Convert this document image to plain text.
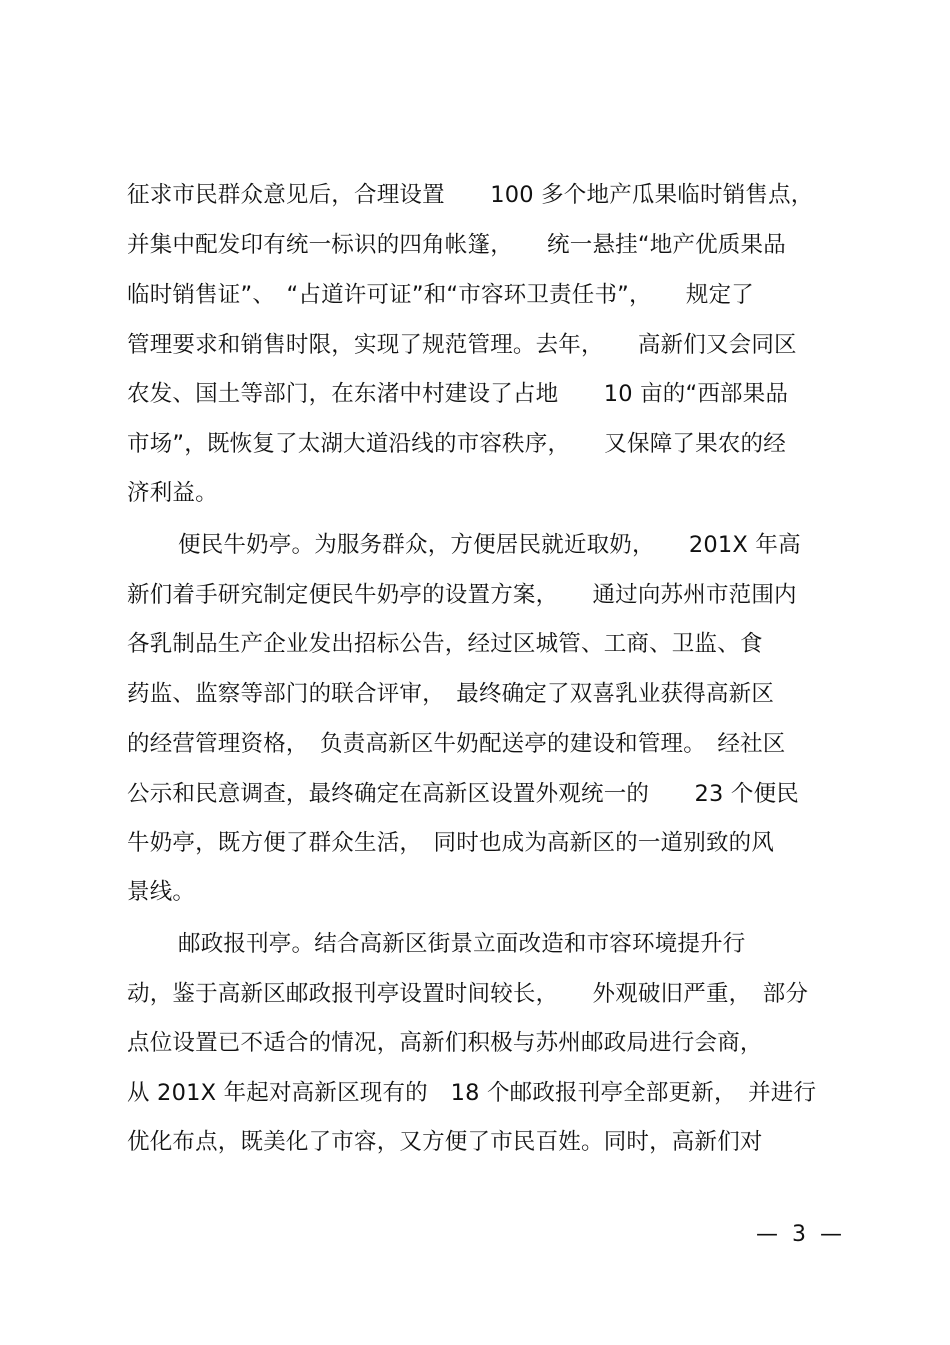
征求市民群众意见后，合理设置　　100 多个地产瓜果临时销售点，
并集中配发印有统一标识的四角帐篷，　　统一悬挂“地产优质果品
临时销售证”、　“占道许可证”和“市容环卫责任书”，　　规定了
管理要求和销售时限，实现了规范管理。去年，　　高新们又会同区
农发、国土等部门，在东渚中村建设了占地　　10 亩的“西部果品
市场”，既恢复了太湖大道沿线的市容秩序，　　又保障了果农的经
济利益。
便民牛奶亭。为服务群众，方便居民就近取奶，　　201X 年高
新们着手研究制定便民牛奶亭的设置方案，　　通过向苏州市范围内
各乳制品生产企业发出招标公告，经过区城管、工商、卫监、食
药监、监察等部门的联合评审，　最终确定了双喜乳业获得高新区
的经营管理资格，　负责高新区牛奶配送亭的建设和管理。　经社区
公示和民意调查，最终确定在高新区设置外观统一的　　23 个便民
牛奶亭，既方便了群众生活，　同时也成为高新区的一道别致的风
景线。
邮政报刊亭。结合高新区街景立面改造和市容环境提升行
动，鉴于高新区邮政报刊亭设置时间较长，　　外观破旧严重，　部分
点位设置已不适合的情况，高新们积极与苏州邮政局进行会商，
从 201X 年起对高新区现有的　18 个邮政报刊亭全部更新，　并进行
优化布点，既美化了市容，又方便了市民百姓。同时，高新们对
—  3  —
